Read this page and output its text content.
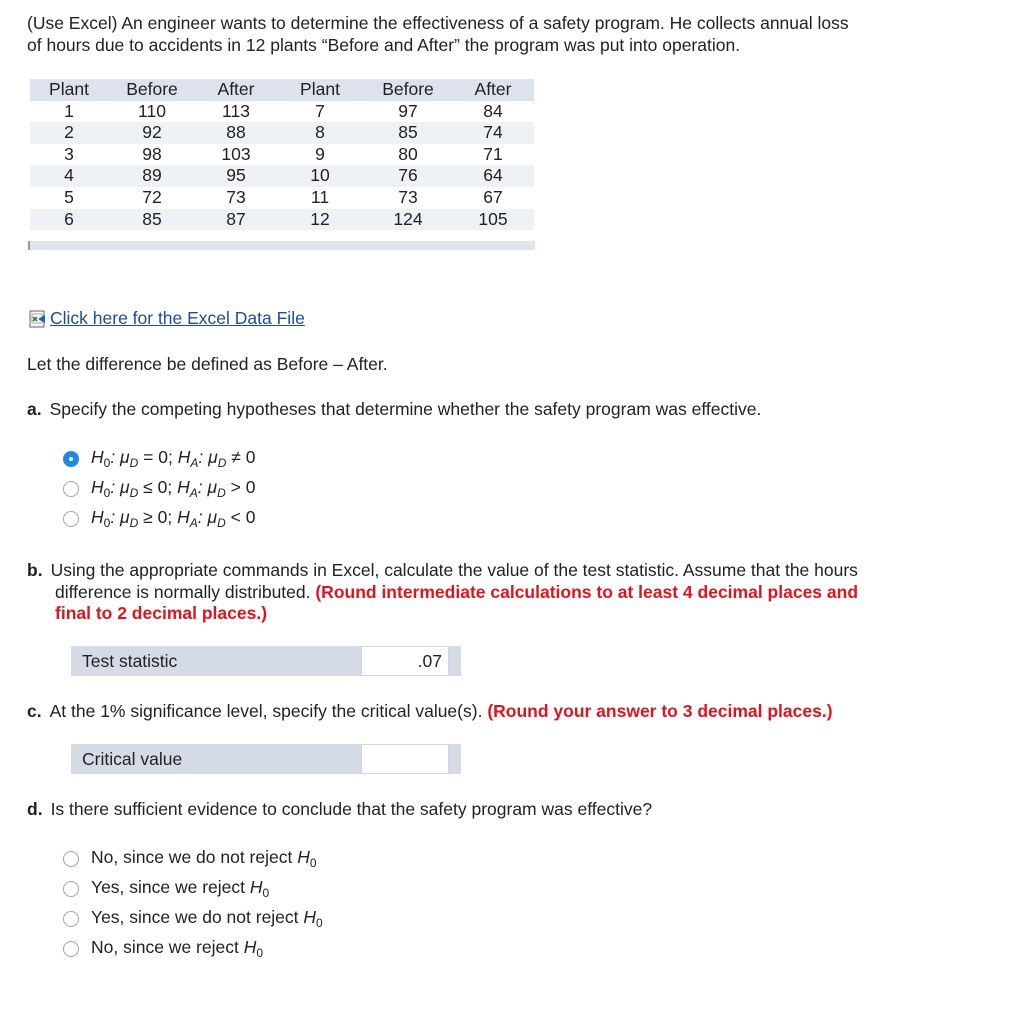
(Use Excel) An engineer wants to determine the effectiveness of a safety program. He collects annual loss
of hours due to accidents in 12 plants “Before and After” the program was put into operation.
Plant	Before	After	Plant	Before	After
1	110	113	7	97	84
2	92	88	8	85	74
3	98	103	9	80	71
4	89	95	10	76	64
5	72	73	11	73	67
6	85	87	12	124	105
Click here for the Excel Data File
Let the difference be defined as Before – After.
a. Specify the competing hypotheses that determine whether the safety program was effective.
$H_0$: $\mu_D = 0$; $H_A$: $\mu_D \ne 0$
$H_0$: $\mu_D \le 0$; $H_A$: $\mu_D > 0$
$H_0$: $\mu_D \ge 0$; $H_A$: $\mu_D < 0$
b. Using the appropriate commands in Excel, calculate the value of the test statistic. Assume that the hours
difference is normally distributed. (Round intermediate calculations to at least 4 decimal places and
final to 2 decimal places.)
Test statistic
.07
c. At the 1% significance level, specify the critical value(s). (Round your answer to 3 decimal places.)
Critical value
d. Is there sufficient evidence to conclude that the safety program was effective?
No, since we do not reject $H_0$
Yes, since we reject $H_0$
Yes, since we do not reject $H_0$
No, since we reject $H_0$
